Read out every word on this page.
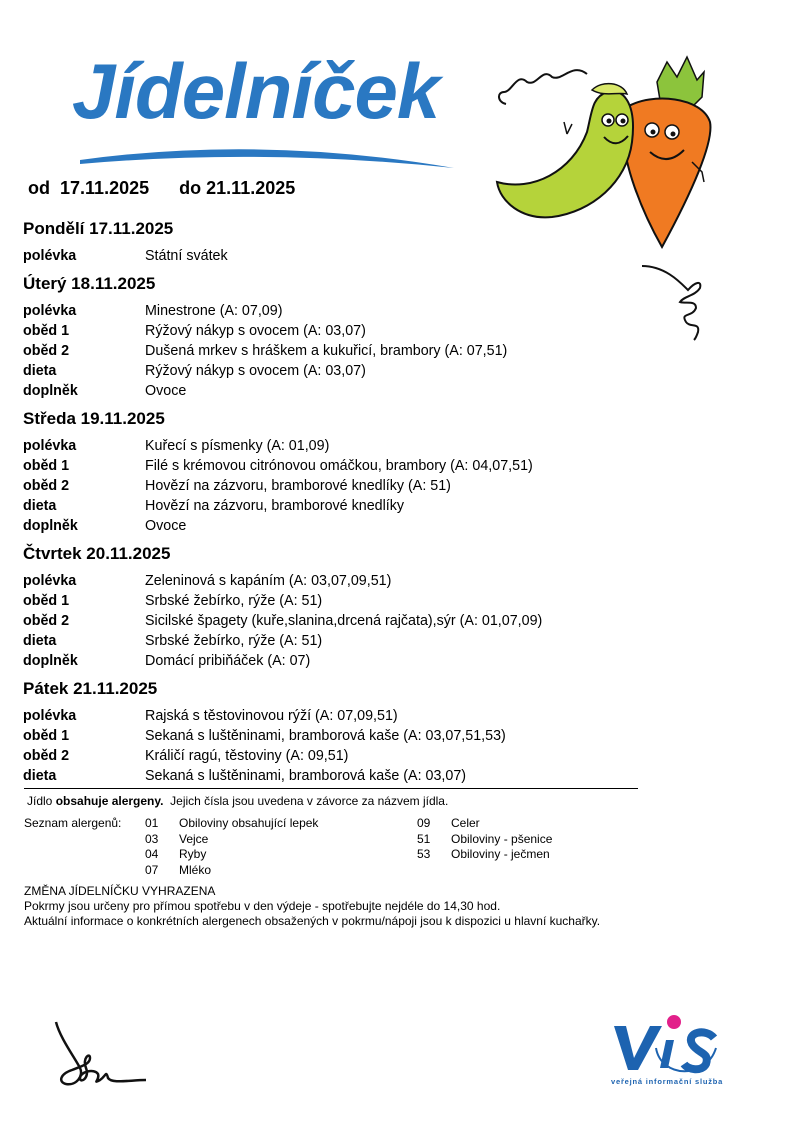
Jídelníček
od 17.11.2025 do 21.11.2025
Pondělí 17.11.2025
polévka	Státní svátek
Úterý 18.11.2025
polévka	Minestrone (A: 07,09)
oběd 1	Rýžový nákyp s ovocem (A: 03,07)
oběd 2	Dušená mrkev s hráškem a kukuřicí, brambory (A: 07,51)
dieta	Rýžový nákyp s ovocem (A: 03,07)
doplněk	Ovoce
Středa 19.11.2025
polévka	Kuřecí s písmenky (A: 01,09)
oběd 1	Filé s krémovou citrónovou omáčkou, brambory (A: 04,07,51)
oběd 2	Hovězí na zázvoru, bramborové knedlíky (A: 51)
dieta	Hovězí na zázvoru, bramborové knedlíky
doplněk	Ovoce
Čtvrtek 20.11.2025
polévka	Zeleninová s kapáním (A: 03,07,09,51)
oběd 1	Srbské žebírko, rýže (A: 51)
oběd 2	Sicilské špagety (kuře,slanina,drcená rajčata),sýr (A: 01,07,09)
dieta	Srbské žebírko, rýže (A: 51)
doplněk	Domácí pribiňáček (A: 07)
Pátek 21.11.2025
polévka	Rajská s těstovinovou rýží (A: 07,09,51)
oběd 1	Sekaná s luštěninami, bramborová kaše (A: 03,07,51,53)
oběd 2	Králičí ragú, těstoviny (A: 09,51)
dieta	Sekaná s luštěninami, bramborová kaše (A: 03,07)
Jídlo obsahuje alergeny.  Jejich čísla jsou uvedena v závorce za názvem jídla.
Seznam alergenů: 01	Obiloviny obsahující lepek
03	Vejce
04	Ryby
07	Mléko
09	Celer
51	Obiloviny - pšenice
53	Obiloviny - ječmen
ZMĚNA JÍDELNÍČKU VYHRAZENA
Pokrmy jsou určeny pro přímou spotřebu v den výdeje - spotřebujte nejdéle do 14,30 hod.
Aktuální informace o konkrétních alergenech obsažených v pokrmu/nápoji jsou k dispozici u hlavní kuchařky.
veřejná informační služba
